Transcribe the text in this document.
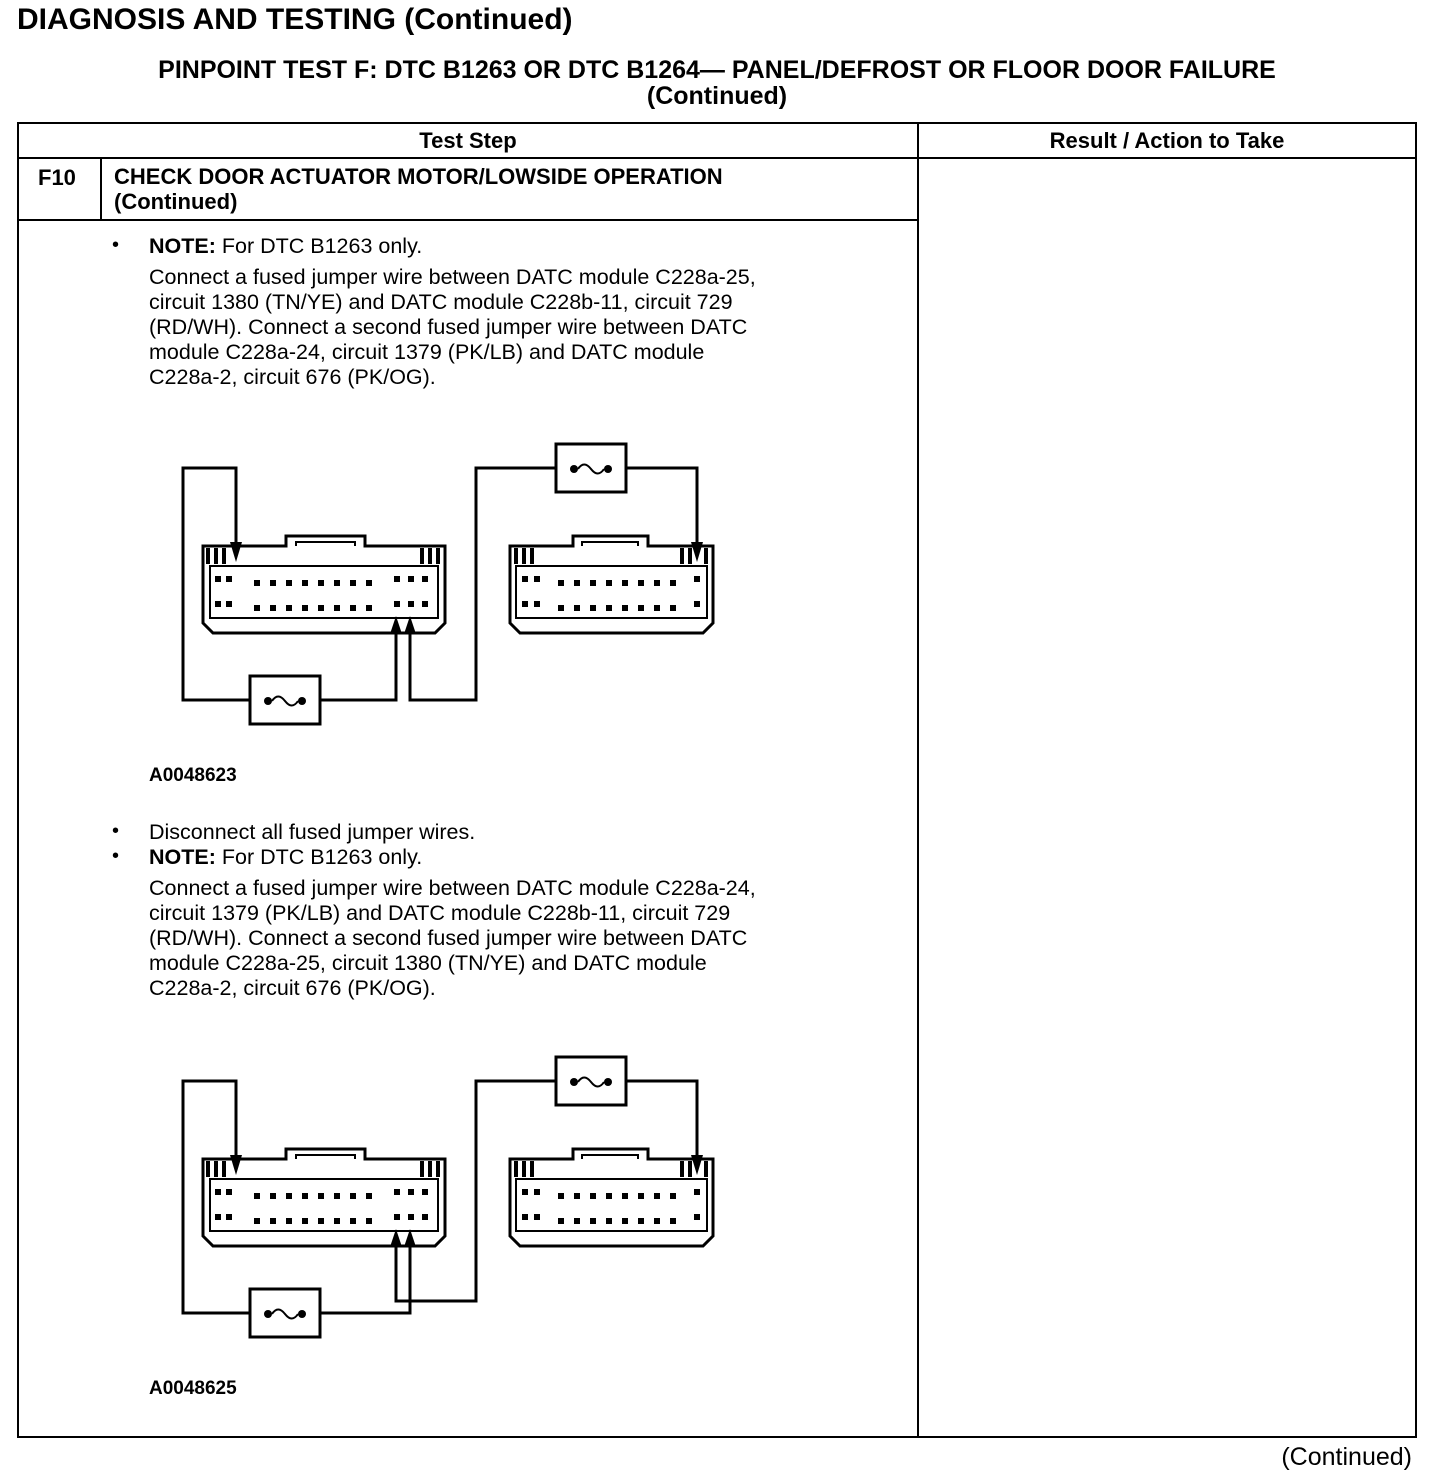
DIAGNOSIS AND TESTING (Continued)
PINPOINT TEST F: DTC B1263 OR DTC B1264— PANEL/DEFROST OR FLOOR DOOR FAILURE
(Continued)
Test Step	Result / Action to Take
F10 CHECK DOOR ACTUATOR MOTOR/LOWSIDE OPERATION
(Continued)
• NOTE: For DTC B1263 only.
Connect a fused jumper wire between DATC module C228a-25,
circuit 1380 (TN/YE) and DATC module C228b-11, circuit 729
(RD/WH). Connect a second fused jumper wire between DATC
module C228a-24, circuit 1379 (PK/LB) and DATC module
C228a-2, circuit 676 (PK/OG).
A0048623
• Disconnect all fused jumper wires.
• NOTE: For DTC B1263 only.
Connect a fused jumper wire between DATC module C228a-24,
circuit 1379 (PK/LB) and DATC module C228b-11, circuit 729
(RD/WH). Connect a second fused jumper wire between DATC
module C228a-25, circuit 1380 (TN/YE) and DATC module
C228a-2, circuit 676 (PK/OG).
A0048625
(Continued)
